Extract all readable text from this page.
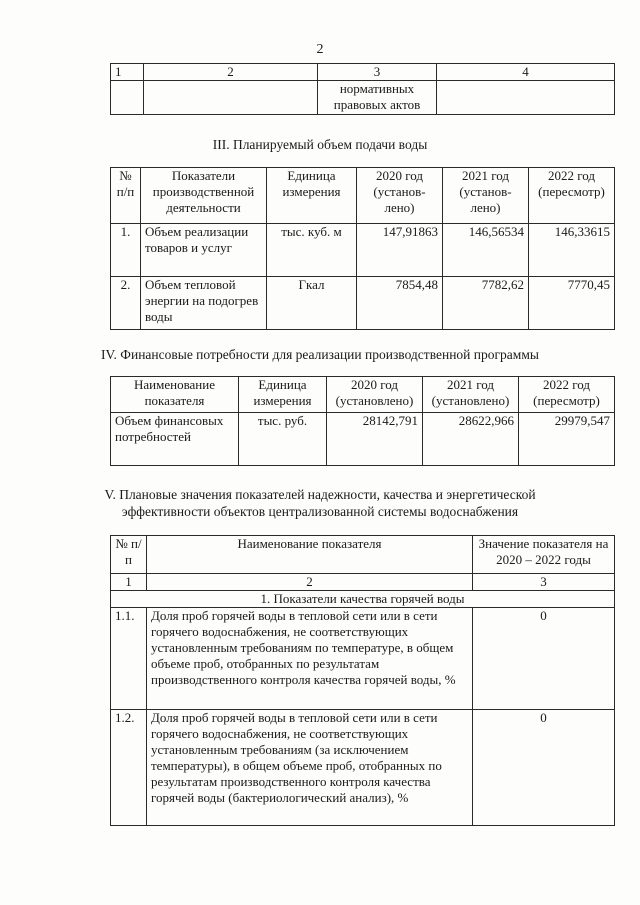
2
1	2	3	4
		нормативных правовых актов	
III. Планируемый объем подачи воды
№ п/п	Показатели производственной деятельности	Единица измерения	2020 год (установ-лено)	2021 год (установ-лено)	2022 год (пересмотр)
1.	Объем реализации товаров и услуг	тыс. куб. м	147,91863	146,56534	146,33615
2.	Объем тепловой энергии на подогрев воды	Гкал	7854,48	7782,62	7770,45
IV. Финансовые потребности для реализации производственной программы
Наименование показателя	Единица измерения	2020 год (установлено)	2021 год (установлено)	2022 год (пересмотр)
Объем финансовых потребностей	тыс. руб.	28142,791	28622,966	29979,547
V. Плановые значения показателей надежности, качества и энергетической
эффективности объектов централизованной системы водоснабжения
№ п/п	Наименование показателя	Значение показателя на 2020 – 2022 годы
1	2	3
1. Показатели качества горячей воды		
1.1.	Доля проб горячей воды в тепловой сети или в сети горячего водоснабжения, не соответствующих установленным требованиям по температуре, в общем объеме проб, отобранных по результатам производственного контроля качества горячей воды, %	0
1.2.	Доля проб горячей воды в тепловой сети или в сети горячего водоснабжения, не соответствующих установленным требованиям (за исключением температуры), в общем объеме проб, отобранных по результатам производственного контроля качества горячей воды (бактериологический анализ), %	0
